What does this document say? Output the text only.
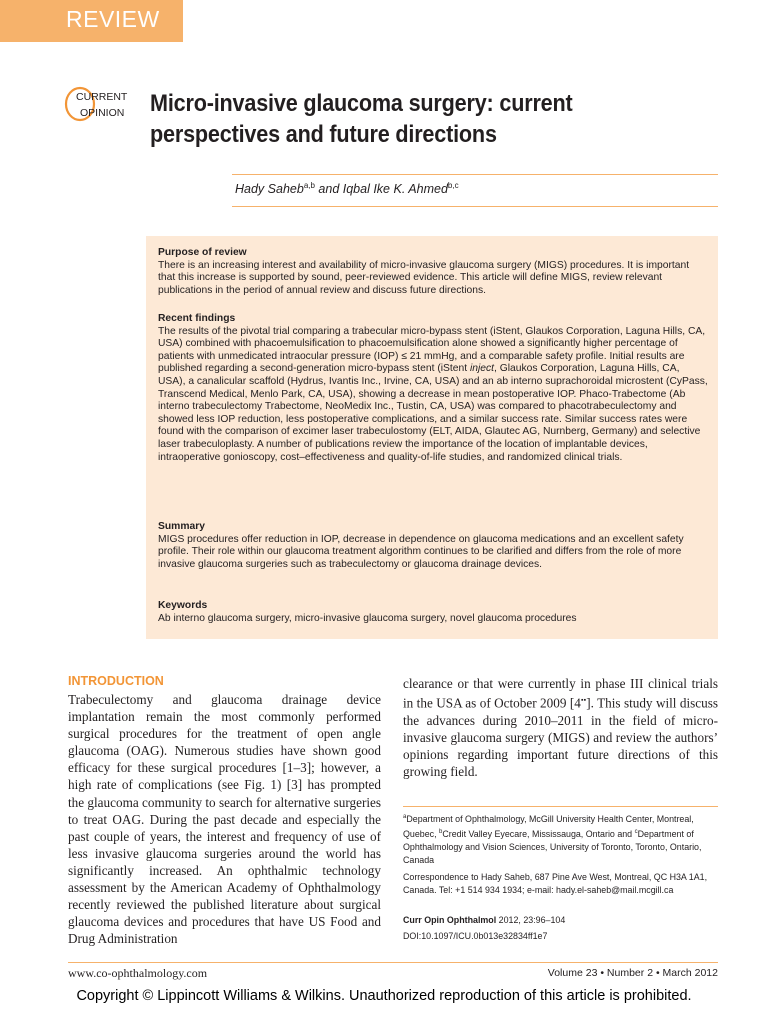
REVIEW
CURRENT
OPINION Micro-invasive glaucoma surgery: current perspectives and future directions
Hady Saheb$^{a,b}$ and Iqbal Ike K. Ahmed$^{b,c}$
Purpose of review
There is an increasing interest and availability of micro-invasive glaucoma surgery (MIGS) procedures. It is important that this increase is supported by sound, peer-reviewed evidence. This article will define MIGS, review relevant publications in the period of annual review and discuss future directions.
Recent findings
The results of the pivotal trial comparing a trabecular micro-bypass stent (iStent, Glaukos Corporation, Laguna Hills, CA, USA) combined with phacoemulsification to phacoemulsification alone showed a significantly higher percentage of patients with unmedicated intraocular pressure (IOP) ≤ 21 mmHg, and a comparable safety profile. Initial results are published regarding a second-generation micro-bypass stent (iStent inject, Glaukos Corporation, Laguna Hills, CA, USA), a canalicular scaffold (Hydrus, Ivantis Inc., Irvine, CA, USA) and an ab interno suprachoroidal microstent (CyPass, Transcend Medical, Menlo Park, CA, USA), showing a decrease in mean postoperative IOP. Phaco-Trabectome (Ab interno trabeculectomy Trabectome, NeoMedix Inc., Tustin, CA, USA) was compared to phacotrabeculectomy and showed less IOP reduction, less postoperative complications, and a similar success rate. Similar success rates were found with the comparison of excimer laser trabeculostomy (ELT, AIDA, Glautec AG, Nurnberg, Germany) and selective laser trabeculoplasty. A number of publications review the importance of the location of implantable devices, intraoperative gonioscopy, cost–effectiveness and quality-of-life studies, and randomized clinical trials.
Summary
MIGS procedures offer reduction in IOP, decrease in dependence on glaucoma medications and an excellent safety profile. Their role within our glaucoma treatment algorithm continues to be clarified and differs from the role of more invasive glaucoma surgeries such as trabeculectomy or glaucoma drainage devices.
Keywords
Ab interno glaucoma surgery, micro-invasive glaucoma surgery, novel glaucoma procedures
INTRODUCTION
Trabeculectomy and glaucoma drainage device implantation remain the most commonly performed surgical procedures for the treatment of open angle glaucoma (OAG). Numerous studies have shown good efficacy for these surgical procedures [1–3]; however, a high rate of complications (see Fig. 1) [3] has prompted the glaucoma community to search for alternative surgeries to treat OAG. During the past decade and especially the past couple of years, the interest and frequency of use of less invasive glaucoma surgeries around the world has significantly increased. An ophthalmic technology assessment by the American Academy of Ophthalmology recently reviewed the published literature about surgical glaucoma devices and procedures that have US Food and Drug Administration
clearance or that were currently in phase III clinical trials in the USA as of October 2009 [4▪▪]. This study will discuss the advances during 2010–2011 in the field of micro-invasive glaucoma surgery (MIGS) and review the authors’ opinions regarding important future directions of this growing field.
$^a$Department of Ophthalmology, McGill University Health Center, Montreal, Quebec, $^b$Credit Valley Eyecare, Mississauga, Ontario and $^c$Department of Ophthalmology and Vision Sciences, University of Toronto, Toronto, Ontario, Canada
Correspondence to Hady Saheb, 687 Pine Ave West, Montreal, QC H3A 1A1, Canada. Tel: +1 514 934 1934; e-mail: hady.el-saheb@mail.mcgill.ca
Curr Opin Ophthalmol 2012, 23:96–104
DOI:10.1097/ICU.0b013e32834ff1e7
www.co-ophthalmology.com	Volume 23 • Number 2 • March 2012
Copyright © Lippincott Williams & Wilkins. Unauthorized reproduction of this article is prohibited.
